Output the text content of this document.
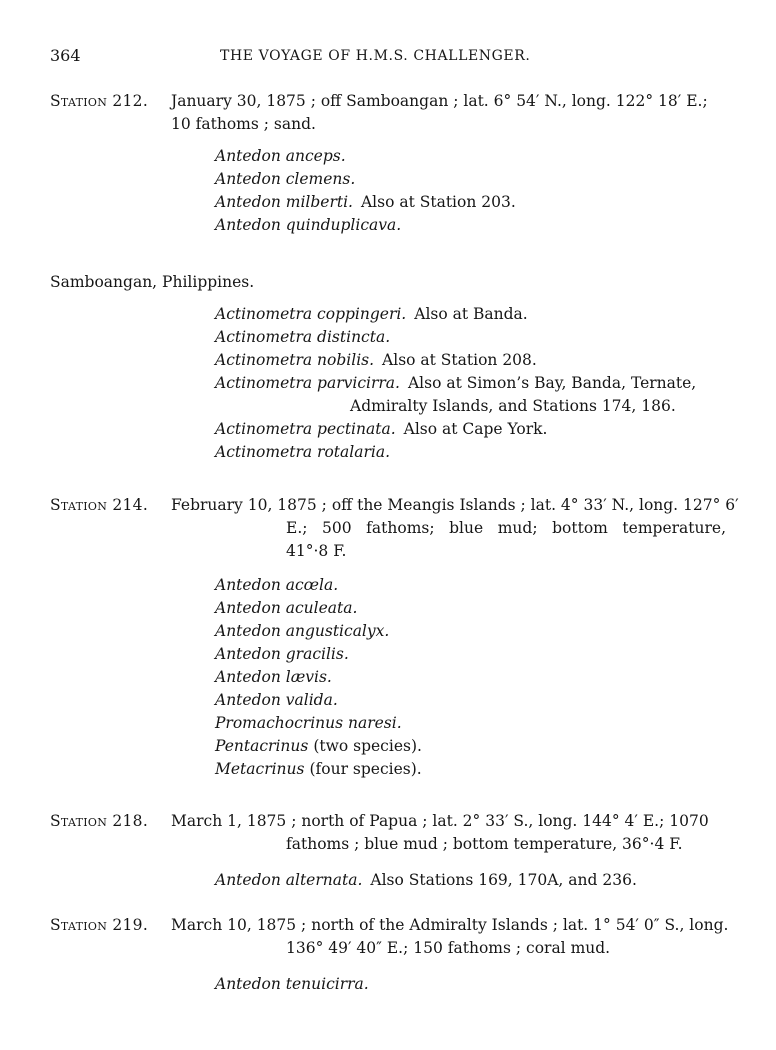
364	THE VOYAGE OF H.M.S. CHALLENGER.
Station 212. January 30, 1875 ; off Samboangan ; lat. 6° 54′ N., long. 122° 18′ E.;
10 fathoms ; sand.
Antedon anceps.
Antedon clemens.
Antedon milberti. Also at Station 203.
Antedon quinduplicava.
Samboangan, Philippines.
Actinometra coppingeri. Also at Banda.
Actinometra distincta.
Actinometra nobilis. Also at Station 208.
Actinometra parvicirra. Also at Simon’s Bay, Banda, Ternate,
Admiralty Islands, and Stations 174, 186.
Actinometra pectinata. Also at Cape York.
Actinometra rotalaria.
Station 214. February 10, 1875 ; off the Meangis Islands ; lat. 4° 33′ N., long. 127° 6′
E.; 500 fathoms; blue mud; bottom temperature,
41°·8 F.
Antedon acœla.
Antedon aculeata.
Antedon angusticalyx.
Antedon gracilis.
Antedon lævis.
Antedon valida.
Promachocrinus naresi.
Pentacrinus (two species).
Metacrinus (four species).
Station 218. March 1, 1875 ; north of Papua ; lat. 2° 33′ S., long. 144° 4′ E.; 1070
fathoms ; blue mud ; bottom temperature, 36°·4 F.
Antedon alternata. Also Stations 169, 170A, and 236.
Station 219. March 10, 1875 ; north of the Admiralty Islands ; lat. 1° 54′ 0″ S., long.
136° 49′ 40″ E.; 150 fathoms ; coral mud.
Antedon tenuicirra.
